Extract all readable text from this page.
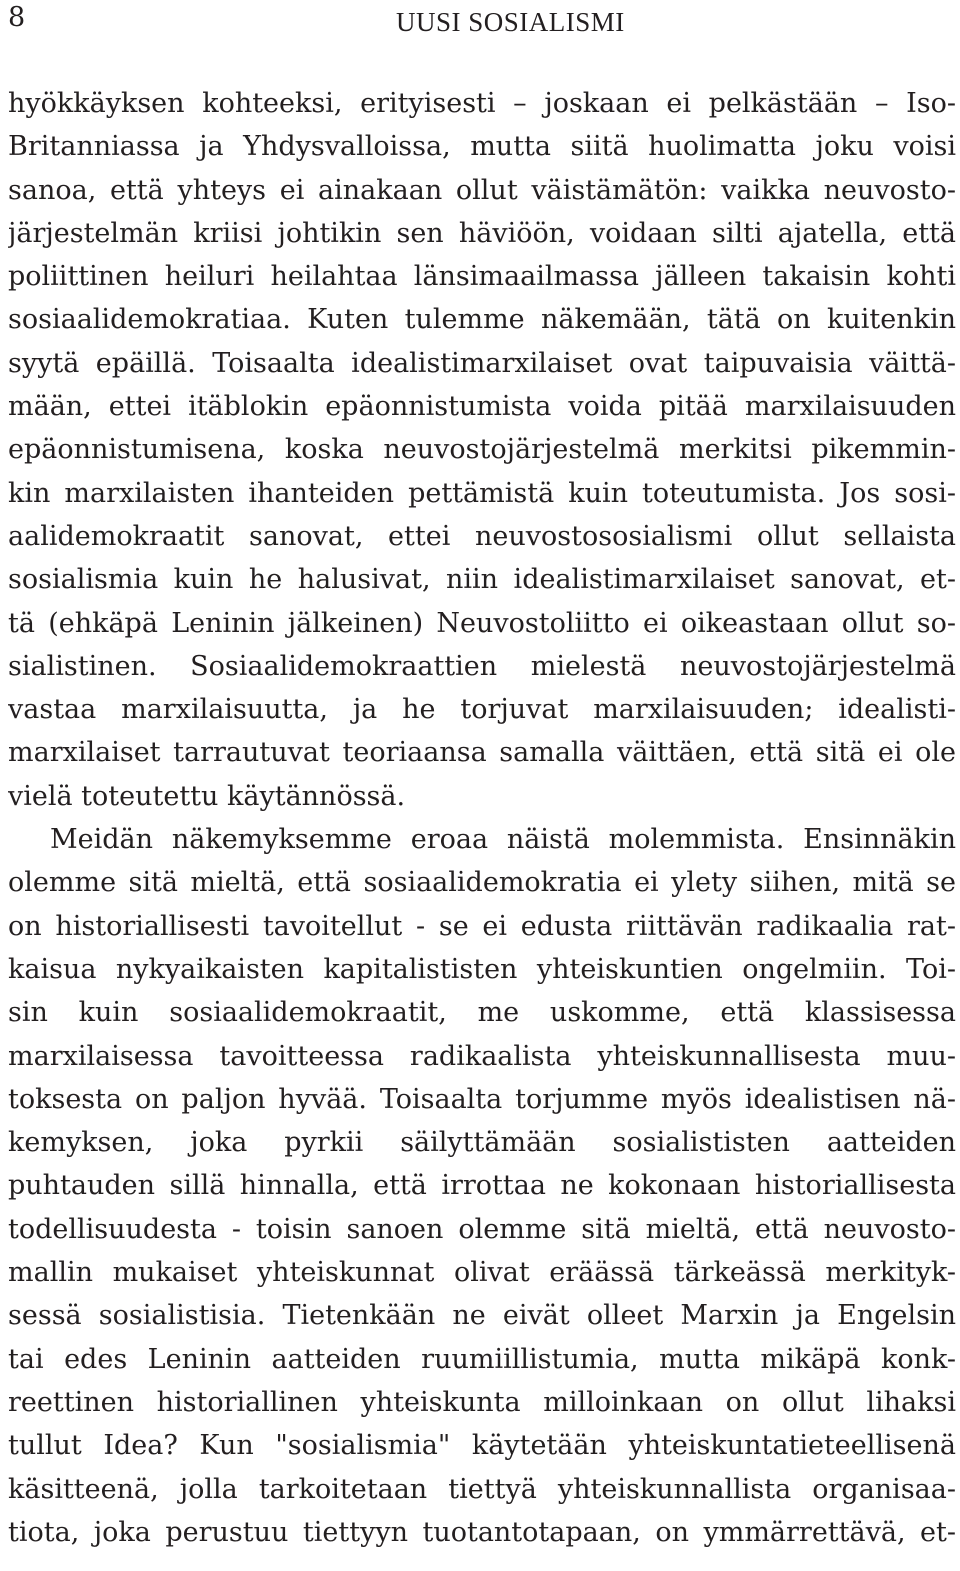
8	UUSI SOSIALISMI
hyökkäyksen kohteeksi, erityisesti – joskaan ei pelkästään – Iso-
Britanniassa ja Yhdysvalloissa, mutta siitä huolimatta joku voisi
sanoa, että yhteys ei ainakaan ollut väistämätön: vaikka neuvosto-
järjestelmän kriisi johtikin sen häviöön, voidaan silti ajatella, että
poliittinen heiluri heilahtaa länsimaailmassa jälleen takaisin kohti
sosiaalidemokratiaa. Kuten tulemme näkemään, tätä on kuitenkin
syytä epäillä. Toisaalta idealistimarxilaiset ovat taipuvaisia väittä-
mään, ettei itäblokin epäonnistumista voida pitää marxilaisuuden
epäonnistumisena, koska neuvostojärjestelmä merkitsi pikemmin-
kin marxilaisten ihanteiden pettämistä kuin toteutumista. Jos sosi-
aalidemokraatit sanovat, ettei neuvostososialismi ollut sellaista
sosialismia kuin he halusivat, niin idealistimarxilaiset sanovat, et-
tä (ehkäpä Leninin jälkeinen) Neuvostoliitto ei oikeastaan ollut so-
sialistinen. Sosiaalidemokraattien mielestä neuvostojärjestelmä
vastaa marxilaisuutta, ja he torjuvat marxilaisuuden; idealisti-
marxilaiset tarrautuvat teoriaansa samalla väittäen, että sitä ei ole
vielä toteutettu käytännössä.
Meidän näkemyksemme eroaa näistä molemmista. Ensinnäkin
olemme sitä mieltä, että sosiaalidemokratia ei ylety siihen, mitä se
on historiallisesti tavoitellut - se ei edusta riittävän radikaalia rat-
kaisua nykyaikaisten kapitalististen yhteiskuntien ongelmiin. Toi-
sin kuin sosiaalidemokraatit, me uskomme, että klassisessa
marxilaisessa tavoitteessa radikaalista yhteiskunnallisesta muu-
toksesta on paljon hyvää. Toisaalta torjumme myös idealistisen nä-
kemyksen, joka pyrkii säilyttämään sosialististen aatteiden
puhtauden sillä hinnalla, että irrottaa ne kokonaan historiallisesta
todellisuudesta - toisin sanoen olemme sitä mieltä, että neuvosto-
mallin mukaiset yhteiskunnat olivat eräässä tärkeässä merkityk-
sessä sosialistisia. Tietenkään ne eivät olleet Marxin ja Engelsin
tai edes Leninin aatteiden ruumiillistumia, mutta mikäpä konk-
reettinen historiallinen yhteiskunta milloinkaan on ollut lihaksi
tullut Idea? Kun "sosialismia" käytetään yhteiskuntatieteellisenä
käsitteenä, jolla tarkoitetaan tiettyä yhteiskunnallista organisaa-
tiota, joka perustuu tiettyyn tuotantotapaan, on ymmärrettävä, et-
